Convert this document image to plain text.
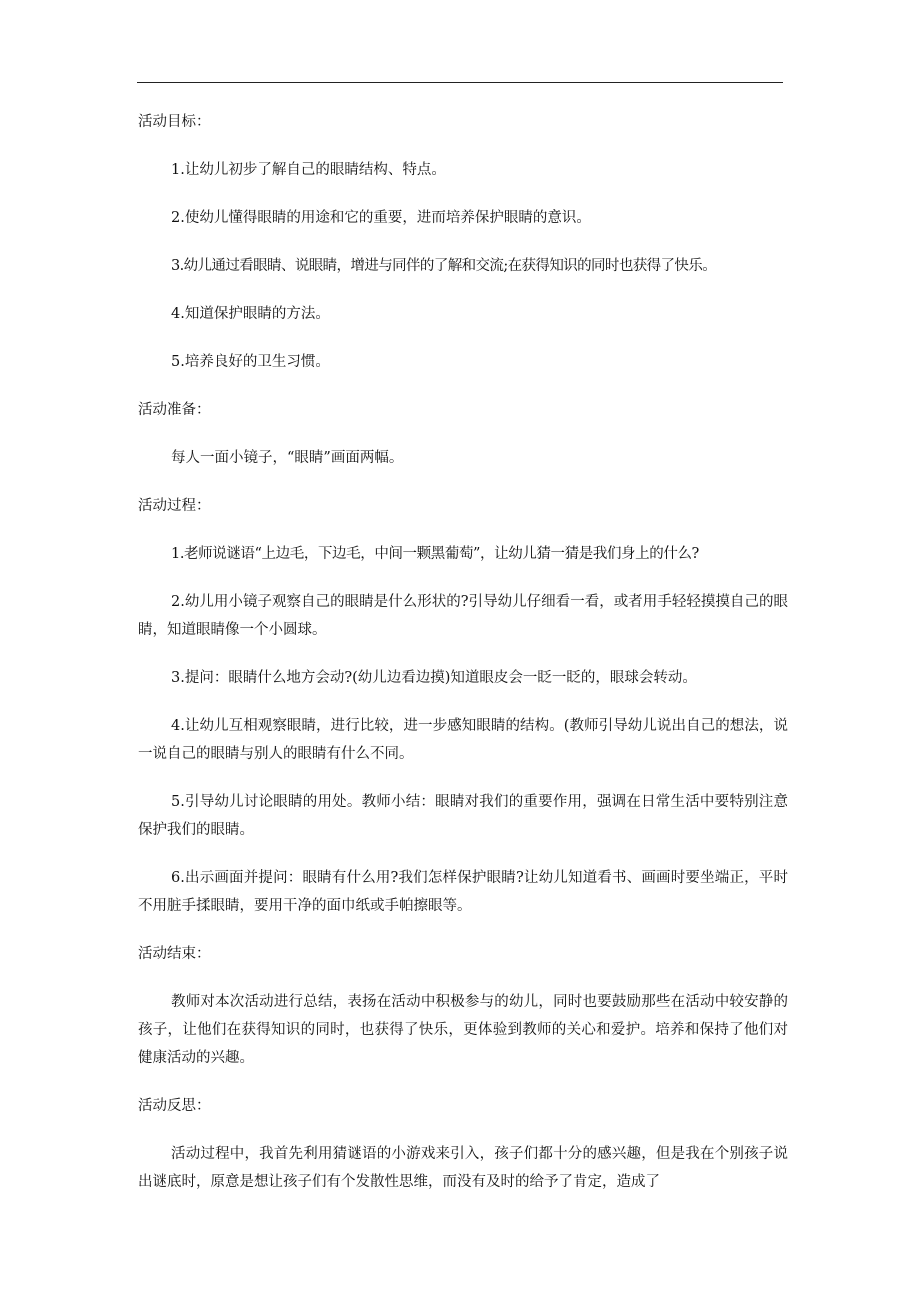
活动目标：
1.让幼儿初步了解自己的眼睛结构、特点。
2.使幼儿懂得眼睛的用途和它的重要，进而培养保护眼睛的意识。
3.幼儿通过看眼睛、说眼睛，增进与同伴的了解和交流;在获得知识的同时也获得了快乐。
4.知道保护眼睛的方法。
5.培养良好的卫生习惯。
活动准备：
每人一面小镜子，“眼睛”画面两幅。
活动过程：
1.老师说谜语“上边毛，下边毛，中间一颗黑葡萄”，让幼儿猜一猜是我们身上的什么?
2.幼儿用小镜子观察自己的眼睛是什么形状的?引导幼儿仔细看一看，或者用手轻轻摸摸自己的眼睛，知道眼睛像一个小圆球。
3.提问：眼睛什么地方会动?(幼儿边看边摸)知道眼皮会一眨一眨的，眼球会转动。
4.让幼儿互相观察眼睛，进行比较，进一步感知眼睛的结构。(教师引导幼儿说出自己的想法，说一说自己的眼睛与别人的眼睛有什么不同。
5.引导幼儿讨论眼睛的用处。教师小结：眼睛对我们的重要作用，强调在日常生活中要特别注意保护我们的眼睛。
6.出示画面并提问：眼睛有什么用?我们怎样保护眼睛?让幼儿知道看书、画画时要坐端正，平时不用脏手揉眼睛，要用干净的面巾纸或手帕擦眼等。
活动结束：
教师对本次活动进行总结，表扬在活动中积极参与的幼儿，同时也要鼓励那些在活动中较安静的孩子，让他们在获得知识的同时，也获得了快乐，更体验到教师的关心和爱护。培养和保持了他们对健康活动的兴趣。
活动反思：
活动过程中，我首先利用猜谜语的小游戏来引入，孩子们都十分的感兴趣，但是我在个别孩子说出谜底时，原意是想让孩子们有个发散性思维，而没有及时的给予了肯定，造成了
